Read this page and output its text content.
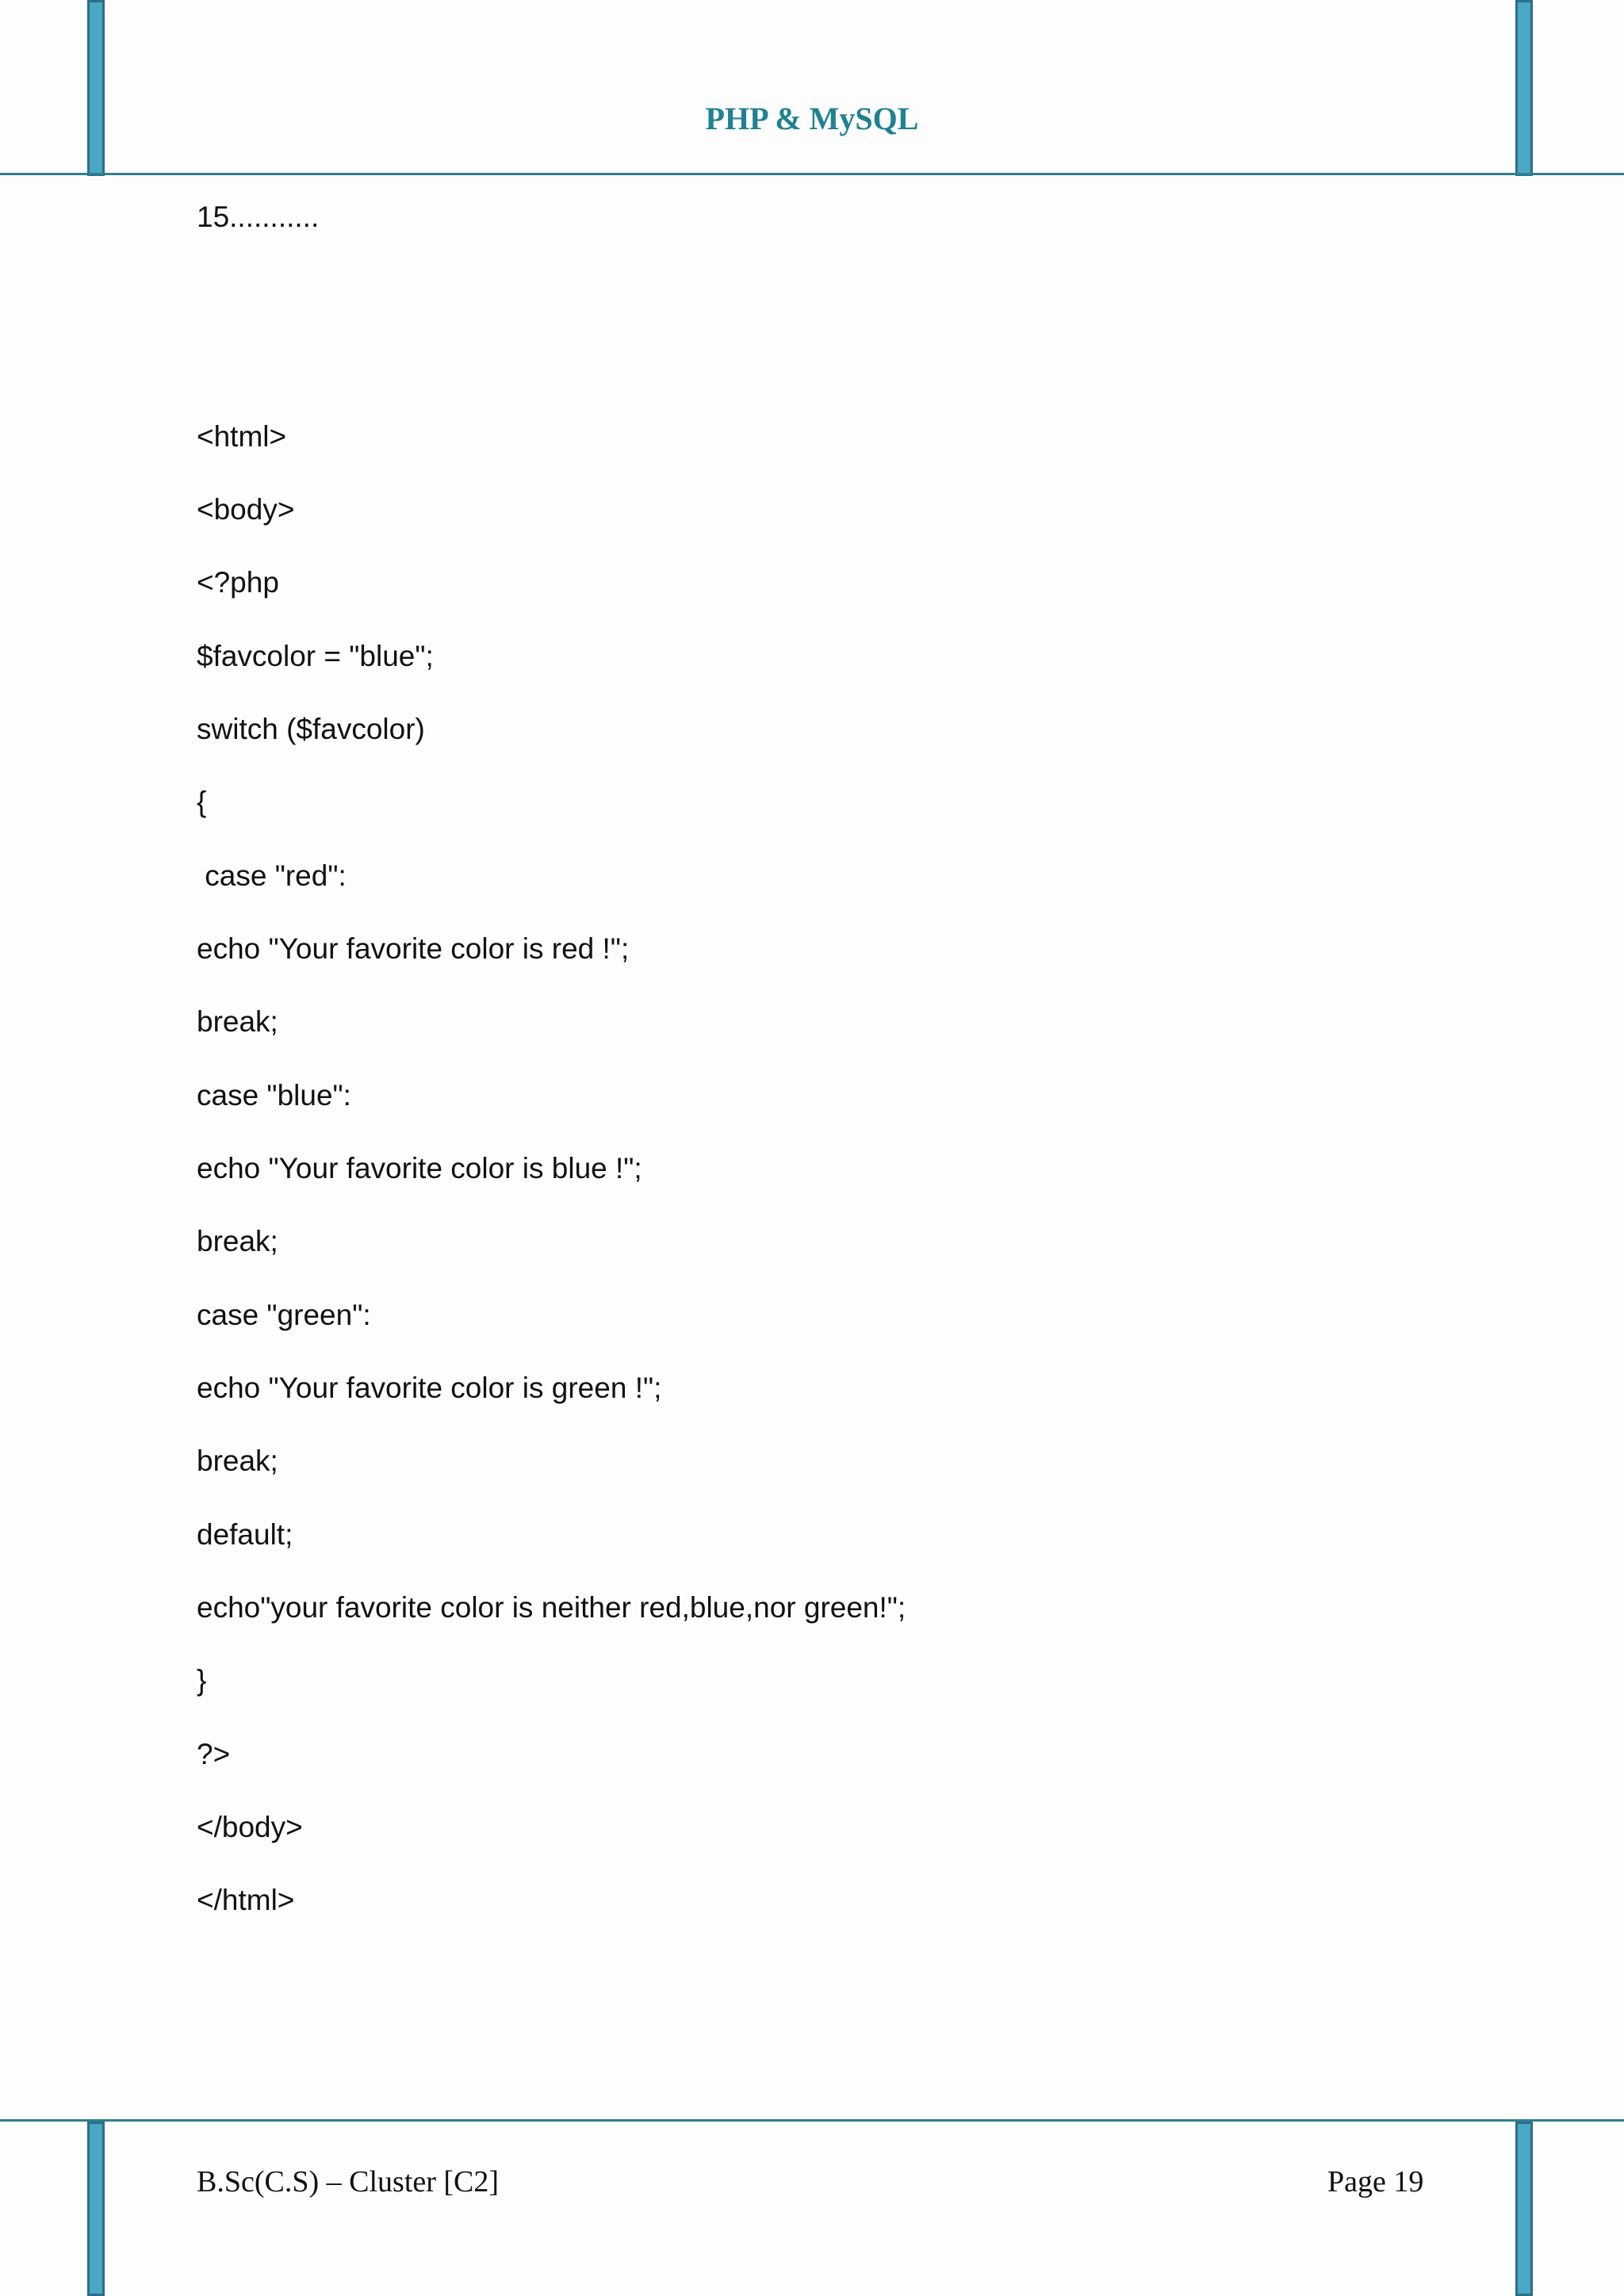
PHP & MySQL
15...........
<html>
<body>
<?php
$favcolor = "blue";
switch ($favcolor)
{
case "red":
echo "Your favorite color is red !";
break;
case "blue":
echo "Your favorite color is blue !";
break;
case "green":
echo "Your favorite color is green !";
break;
default;
echo"your favorite color is neither red,blue,nor green!";
}
?>
</body>
</html>
B.Sc(C.S) – Cluster [C2]	Page 19
